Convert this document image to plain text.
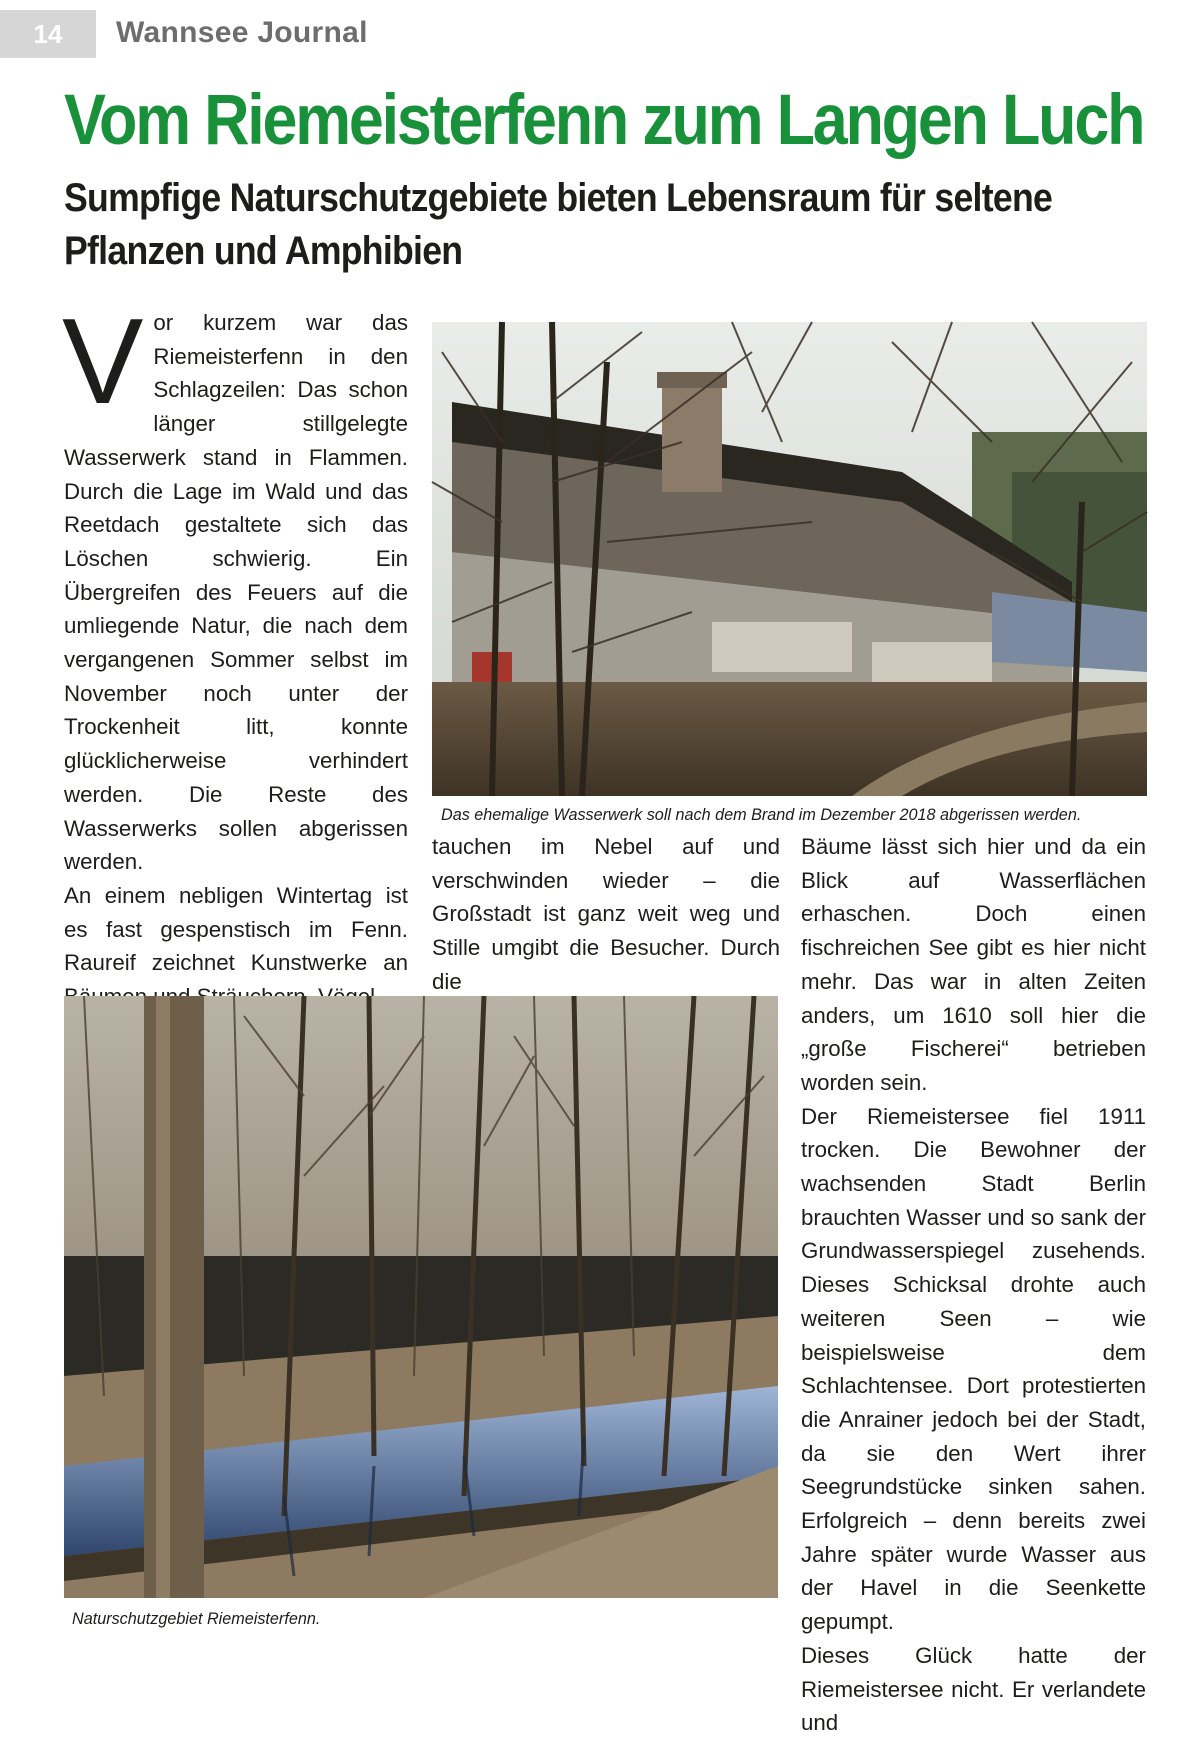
14	Wannsee Journal
Vom Riemeisterfenn zum Langen Luch
Sumpfige Naturschutzgebiete bieten Lebensraum für seltene Pflanzen und Amphibien

Vor kurzem war das Riemeisterfenn in den Schlagzeilen: Das schon länger stillgelegte Wasserwerk stand in Flammen. Durch die Lage im Wald und das Reetdach gestaltete sich das Löschen schwierig. Ein Übergreifen des Feuers auf die umliegende Natur, die nach dem vergangenen Sommer selbst im November noch unter der Trockenheit litt, konnte glücklicherweise verhindert werden. Die Reste des Wasserwerks sollen abgerissen werden.

An einem nebligen Wintertag ist es fast gespenstisch im Fenn. Raureif zeichnet Kunstwerke an

Das ehemalige Wasserwerk soll nach dem Brand im Dezember 2018 abgerissen werden.

tauchen im Nebel auf und verschwinden wieder – die Großstadt ist ganz weit weg und Stille umgibt die Besucher. Durch die

Bäume lässt sich hier und da ein Blick auf Wasserflächen erhaschen. Doch einen fischreichen See gibt es hier nicht mehr. Das war in alten Zeiten anders, um 1610 soll hier die „große Fischerei“ betrieben worden sein.

Der Riemeistersee fiel 1911 trocken. Die Bewohner der wachsenden Stadt Berlin brauchten Wasser und so sank der Grundwasserspiegel zusehends. Dieses Schicksal drohte auch weiteren Seen – wie beispielsweise dem Schlachtensee. Dort protestierten die Anrainer jedoch bei der Stadt, da sie den Wert ihrer Seegrundstücke sinken sahen. Erfolgreich – denn bereits zwei Jahre später wurde Wasser aus der Havel in die Seenkette gepumpt.

Dieses Glück hatte der Riemeistersee nicht. Er verlandete und

Naturschutzgebiet Riemeisterfenn.
